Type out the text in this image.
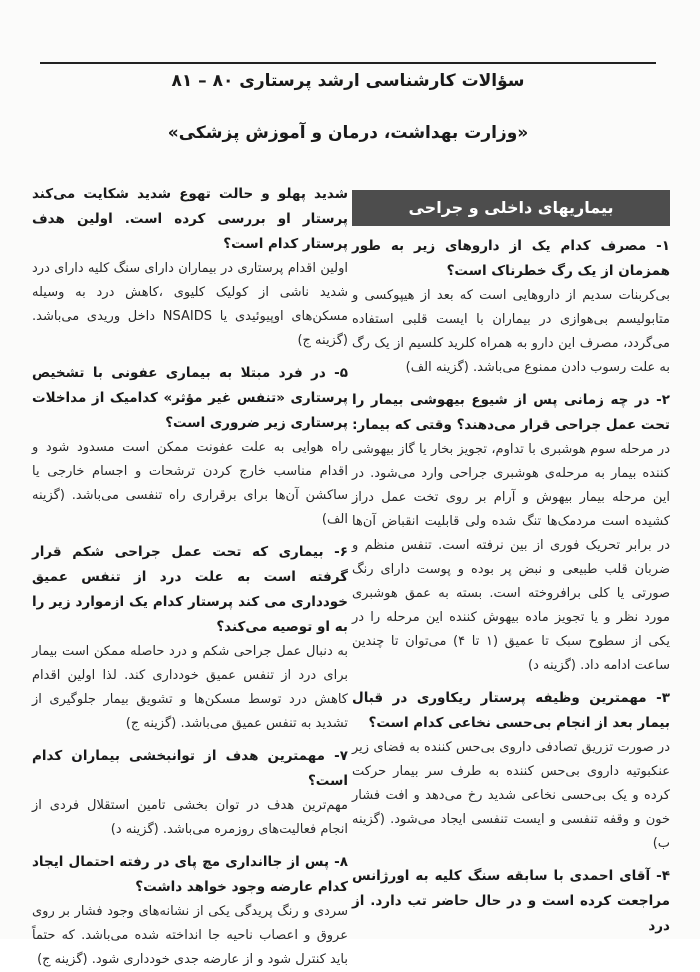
سؤالات کارشناسی ارشد پرستاری ۸۰ – ۸۱
«وزارت بهداشت، درمان و آموزش پزشکی»
بیماریهای داخلی و جراحی

۱- مصرف کدام یک از داروهای زیر به طور همزمان از یک رگ خطرناک است؟

بی‌کربنات سدیم از داروهایی است که بعد از هیپوکسی و متابولیسم بی‌هوازی در بیماران با ایست قلبی استفاده می‌گردد، مصرف این دارو به همراه کلرید کلسیم از یک رگ به علت رسوب دادن ممنوع می‌باشد. (گزینه الف)

۲- در چه زمانی پس از شیوع بیهوشی بیمار را تحت عمل جراحی قرار می‌دهند؟ وقتی که بیمار:

در مرحله سوم هوشبری با تداوم، تجویز بخار یا گاز بیهوشی کننده بیمار به مرحله‌ی هوشبری جراحی وارد می‌شود. در این مرحله بیمار بیهوش و آرام بر روی تخت عمل دراز کشیده است مردمک‌ها تنگ شده ولی قابلیت انقباض آن‌ها در برابر تحریک فوری از بین نرفته است. تنفس منظم و ضربان قلب طبیعی و نبض پر بوده و پوست دارای رنگ صورتی یا کلی برافروخته است. بسته به عمق هوشبری مورد نظر و یا تجویز ماده بیهوش کننده این مرحله را در یکی از سطوح سبک تا عمیق (۱ تا ۴) می‌توان تا چندین ساعت ادامه داد. (گزینه د)

۳- مهمترین وظیفه پرستار ریکاوری در قبال بیمار بعد از انجام بی‌حسی نخاعی کدام است؟

در صورت تزریق تصادفی داروی بی‌حس کننده به فضای زیر عنکبوتیه داروی بی‌حس کننده به طرف سر بیمار حرکت کرده و یک بی‌حسی نخاعی شدید رخ می‌دهد و افت فشار خون و وقفه تنفسی و ایست تنفسی ایجاد می‌شود. (گزینه ب)

۴- آقای احمدی با سابقه سنگ کلیه به اورژانس مراجعت کرده است و در حال حاضر تب دارد. از درد

شدید پهلو و حالت تهوع شدید شکایت می‌کند پرستار او بررسی کرده است. اولین هدف پرستار کدام است؟

اولین اقدام پرستاری در بیماران دارای سنگ کلیه دارای درد شدید ناشی از کولیک کلیوی ،کاهش درد به وسیله مسکن‌های اوپیوئیدی یا NSAIDS داخل وریدی می‌باشد. (گزینه ج)

۵- در فرد مبتلا به بیماری عفونی با تشخیص پرستاری «تنفس غیر مؤثر» کدامیک از مداخلات پرستاری زیر ضروری است؟

راه هوایی به علت عفونت ممکن است مسدود شود و اقدام مناسب خارج کردن ترشحات و اجسام خارجی یا ساکشن آن‌ها برای برقراری راه تنفسی می‌باشد. (گزینه الف)

۶- بیماری که تحت عمل جراحی شکم قرار گرفته است به علت درد از تنفس عمیق خودداری می کند پرستار کدام یک ازموارد زیر را به او توصیه می‌کند؟

به دنبال عمل جراحی شکم و درد حاصله ممکن است بیمار برای درد از تنفس عمیق خودداری کند. لذا اولین اقدام کاهش درد توسط مسکن‌ها و تشویق بیمار جلوگیری از تشدید به تنفس عمیق می‌باشد. (گزینه ج)

۷- مهمترین هدف از توانبخشی بیماران کدام است؟

مهم‌ترین هدف در توان بخشی تامین استقلال فردی از انجام فعالیت‌های روزمره می‌باشد. (گزینه د)

۸- پس از جاانداری مچ پای در رفته احتمال ایجاد کدام عارضه وجود خواهد داشت؟

سردی و رنگ پریدگی یکی از نشانه‌های وجود فشار بر روی عروق و اعصاب ناحیه جا انداخته شده می‌باشد. که حتماً باید کنترل شود و از عارضه جدی خودداری شود. (گزینه ج)
